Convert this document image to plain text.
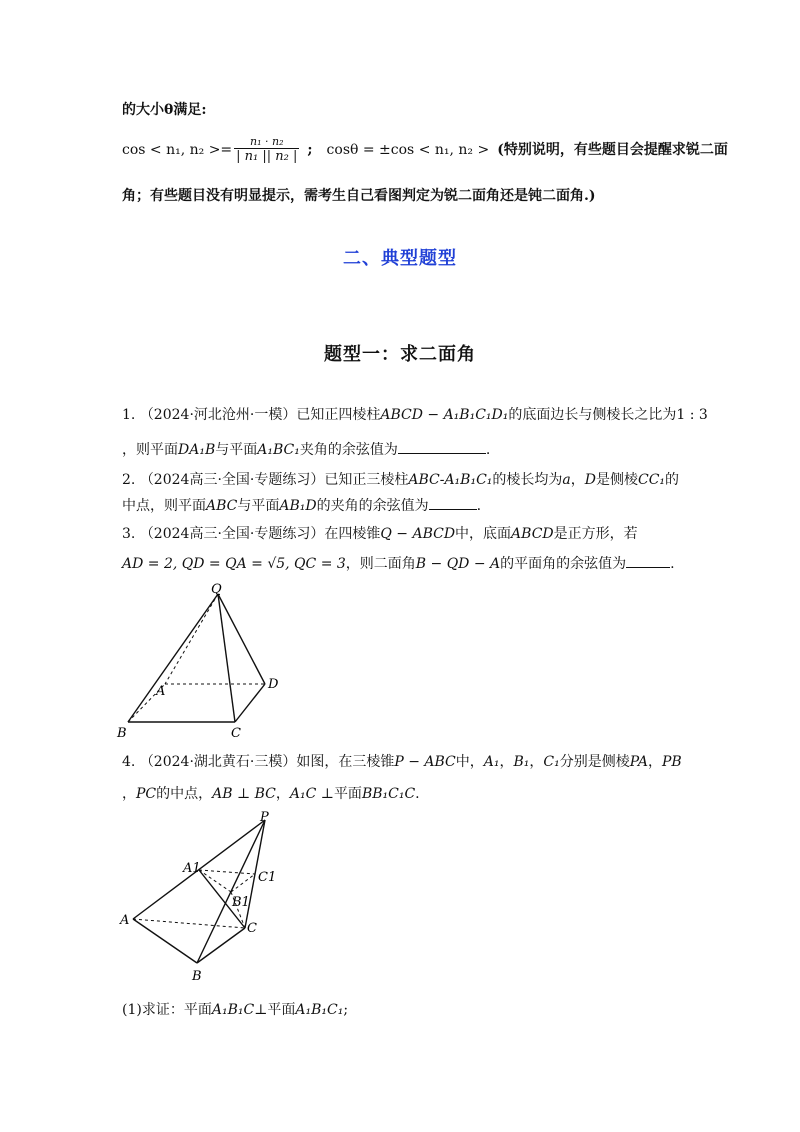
的大小θ满足:
cos < n₁, $n_2 >= \frac{\text{n₁ · n₂}}{\text{| n₁ || n₂ |}}$ ; cosθ = ±cos < n₁, n₂ > (特别说明，有些题目会提醒求锐二面
角；有些题目没有明显提示，需考生自己看图判定为锐二面角还是钝二面角.)
二、典型题型
题型一：求二面角
1. （2024·河北沧州·一模）已知正四棱柱ABCD − A₁B₁C₁D₁的底面边长与侧棱长之比为1 : 3
，则平面DA₁B与平面A₁BC₁夹角的余弦值为	.
2. （2024高三·全国·专题练习）已知正三棱柱ABC-A₁B₁C₁的棱长均为a，D是侧棱CC₁的
中点，则平面ABC与平面AB₁D的夹角的余弦值为	.
3. （2024高三·全国·专题练习）在四棱锥Q − ABCD中，底面ABCD是正方形，若
AD = 2, QD = QA = √5, QC = 3，则二面角B − QD − A的平面角的余弦值为	.
Q
A
B	C
D
4. （2024·湖北黄石·三模）如图，在三棱锥P − ABC中，A₁，B₁，C₁分别是侧棱PA，PB
，PC的中点，AB ⊥ BC，A₁C ⊥平面BB₁C₁C.
P
A1
C1
B1
A
C
B
(1)求证：平面A₁B₁C⊥平面A₁B₁C₁;
